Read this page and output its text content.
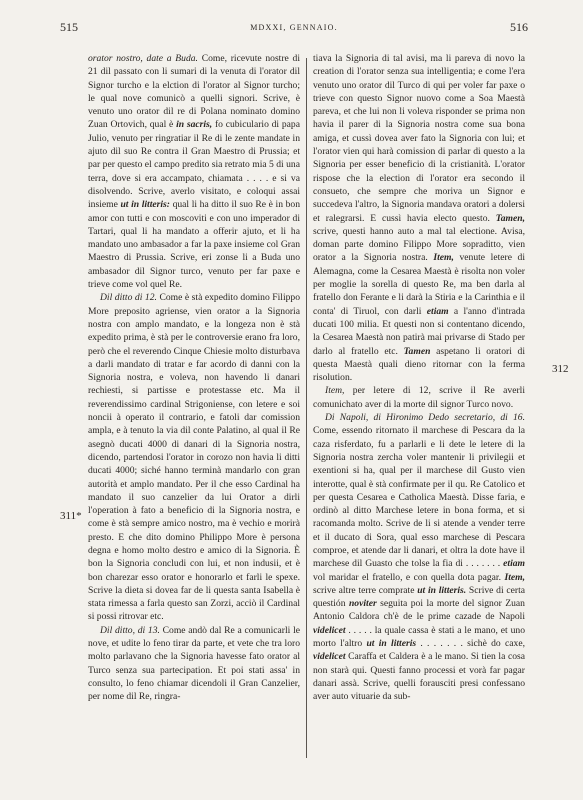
515	MDXXI, GENNAIO.	516
311*
312

orator nostro, date a Buda. Come, ricevute nostre di 21 dil passato con li sumari di la venuta di l'orator dil Signor turcho e la elction di l'orator al Signor turcho; le qual nove comunicò a quelli signori. Scrive, è venuto uno orator dil re di Polana nominato domino Zuan Ortovich, qual è in sacris, fo cubiculario di papa Julio, venuto per ringratiar il Re di le zente mandate in ajuto dil suo Re contra il Gran Maestro di Prussia; et par per questo el campo predito sia retrato mia 5 di una terra, dove si era accampato, chiamata . . . . e si va disolvendo. Scrive, averlo visitato, e coloqui assai insieme ut in litteris: qual li ha ditto il suo Re è in bon amor con tutti e con moscoviti e con uno imperador di Tartari, qual li ha mandato a offerir ajuto, et li ha mandato uno ambasador a far la paxe insieme col Gran Maestro di Prussia. Scrive, eri zonse li a Buda uno ambasador dil Signor turco, venuto per far paxe e trieve come vol quel Re.

Dil ditto di 12. Come è stà expedito domino Filippo More preposito agriense, vien orator a la Signoria nostra con amplo mandato, e la longeza non è stà expedito prima, è stà per le controversie erano fra loro, però che el reverendo Cinque Chiesie molto disturbava a darli mandato di tratar e far acordo di danni con la Signoria nostra, e voleva, non havendo li danari rechiesti, si partisse e protestasse etc. Ma il reverendissimo cardinal Strigoniense, con letere e soi noncii à operato il contrario, e fatoli dar comission ampla, e à tenuto la via dil conte Palatino, al qual il Re asegnò ducati 4000 di danari di la Signoria nostra, dicendo, partendosi l'orator in corozo non havia li ditti ducati 4000; siché hanno terminà mandarlo con gran autorità et amplo mandato. Per il che esso Cardinal ha mandato il suo canzelier da lui Orator a dirli l'operation à fato a beneficio di la Signoria nostra, e come è stà sempre amico nostro, ma è vechio e morirà presto. E che dito domino Philippo More è persona degna e homo molto destro e amico di la Signoria. È bon la Signoria concludi con lui, et non indusii, et è bon charezar esso orator e honorarlo et farli le spexe. Scrive la dieta si dovea far de li questa santa Isabella è stata rimessa a farla questo san Zorzi, acciò il Cardinal si possi ritrovar etc.

Dil ditto, di 13. Come andò dal Re a comunicarli le nove, et udite lo feno tirar da parte, et vete che tra loro molto parlavano che la Signoria havesse fato orator al Turco senza sua partecipation. Et poi stati assa' in consulto, lo feno chiamar dicendoli il Gran Canzelier, per nome dil Re, ringra-

tiava la Signoria di tal avisi, ma li pareva di novo la creation di l'orator senza sua intelligentia; e come l'era venuto uno orator dil Turco di qui per voler far paxe o trieve con questo Signor nuovo come a Soa Maestà pareva, et che lui non li voleva risponder se prima non havia il parer di la Signoria nostra come sua bona amiga, et cussì dovea aver fato la Signoria con lui; et l'orator vien qui harà comission di parlar di questo a la Signoria per esser beneficio di la cristianità. L'orator rispose che la election di l'orator era secondo il consueto, che sempre che moriva un Signor e succedeva l'altro, la Signoria mandava oratori a dolersi et ralegrarsi. E cussì havia electo questo. Tamen, scrive, questi hanno auto a mal tal electione. Avisa, doman parte domino Filippo More sopraditto, vien orator a la Signoria nostra. Item, venute letere di Alemagna, come la Cesarea Maestà è risolta non voler per moglie la sorella di questo Re, ma ben darla al fratello don Ferante e li darà la Stiria e la Carinthia e il conta' di Tiruol, con darli etiam a l'anno d'intrada ducati 100 milia. Et questi non si contentano dicendo, la Cesarea Maestà non patirà mai privarse di Stado per darlo al fratello etc. Tamen aspetano li oratori di questa Maestà quali dieno ritornar con la ferma risolution.

Item, per letere di 12, scrive il Re averli comunichato aver di la morte dil signor Turco novo.

Di Napoli, di Hironimo Dedo secretario, di 16. Come, essendo ritornato il marchese di Pescara da la caza risferdato, fu a parlarli e li dete le letere di la Signoria nostra zercha voler mantenir li privilegii et exentioni si ha, qual per il marchese dil Gusto vien interotte, qual è stà confirmate per il qu. Re Catolico et per questa Cesarea e Catholica Maestà. Disse faria, e ordinò al ditto Marchese letere in bona forma, et si racomanda molto. Scrive de li si atende a vender terre et il ducato di Sora, qual esso marchese di Pescara comproe, et atende dar li danari, et oltra la dote have il marchese dil Guasto che tolse la fia di . . . . . . . etiam vol maridar el fratello, e con quella dota pagar. Item, scrive altre terre comprate ut in litteris. Scrive di certa questión noviter seguita poi la morte del signor Zuan Antonio Caldora ch'è de le prime cazade de Napoli videlicet . . . . . la quale cassa è stati a le mano, et uno morto l'altro ut in litteris . . . . . . . sichè do caxe, videlicet Caraffa et Caldera è a le mano. Si tien la cosa non starà qui. Questi fanno processi et vorà far pagar danari assà. Scrive, quelli forausciti presi confessano aver auto vituarie da sub-
